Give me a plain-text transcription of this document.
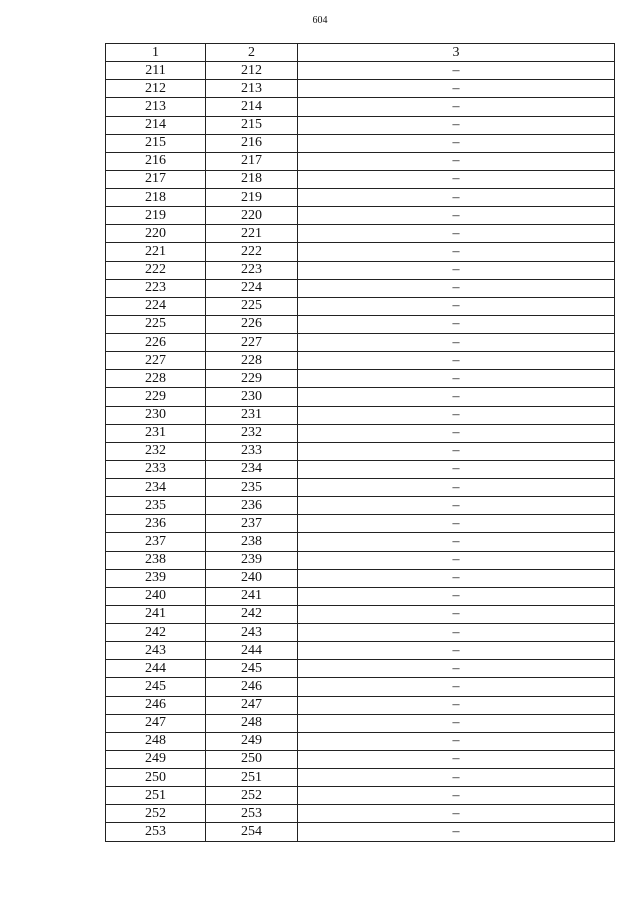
604
1	2	3
211	212	–
212	213	–
213	214	–
214	215	–
215	216	–
216	217	–
217	218	–
218	219	–
219	220	–
220	221	–
221	222	–
222	223	–
223	224	–
224	225	–
225	226	–
226	227	–
227	228	–
228	229	–
229	230	–
230	231	–
231	232	–
232	233	–
233	234	–
234	235	–
235	236	–
236	237	–
237	238	–
238	239	–
239	240	–
240	241	–
241	242	–
242	243	–
243	244	–
244	245	–
245	246	–
246	247	–
247	248	–
248	249	–
249	250	–
250	251	–
251	252	–
252	253	–
253	254	–
